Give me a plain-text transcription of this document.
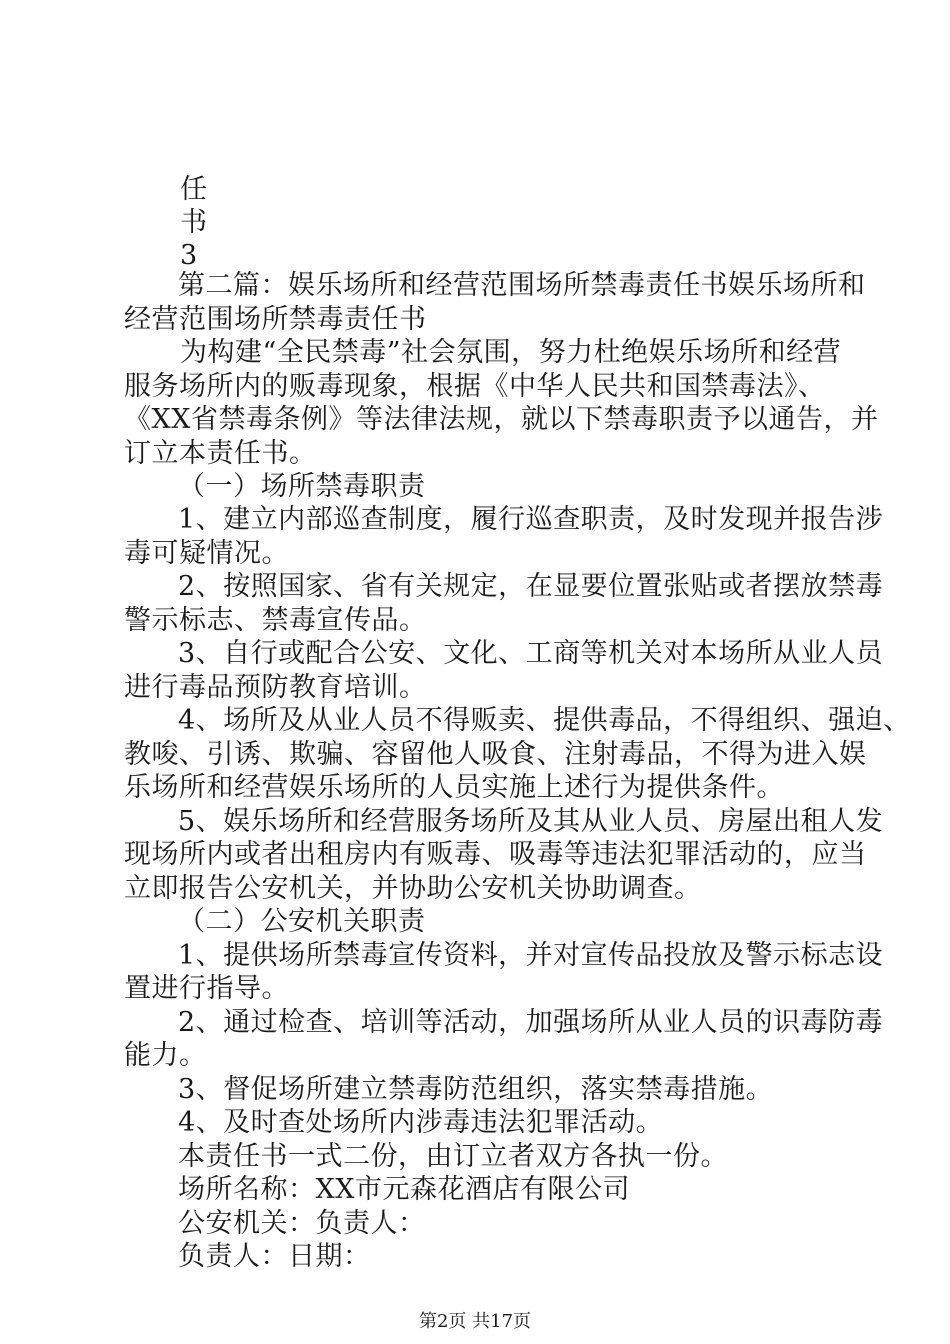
任
书
3
第二篇：娱乐场所和经营范围场所禁毒责任书娱乐场所和
经营范围场所禁毒责任书
为构建“全民禁毒”社会氛围，努力杜绝娱乐场所和经营
服务场所内的贩毒现象，根据《中华人民共和国禁毒法》、
《XX省禁毒条例》等法律法规，就以下禁毒职责予以通告，并
订立本责任书。
（一）场所禁毒职责
1、建立内部巡查制度，履行巡查职责，及时发现并报告涉
毒可疑情况。
2、按照国家、省有关规定，在显要位置张贴或者摆放禁毒
警示标志、禁毒宣传品。
3、自行或配合公安、文化、工商等机关对本场所从业人员
进行毒品预防教育培训。
4、场所及从业人员不得贩卖、提供毒品，不得组织、强迫、
教唆、引诱、欺骗、容留他人吸食、注射毒品，不得为进入娱
乐场所和经营娱乐场所的人员实施上述行为提供条件。
5、娱乐场所和经营服务场所及其从业人员、房屋出租人发
现场所内或者出租房内有贩毒、吸毒等违法犯罪活动的，应当
立即报告公安机关，并协助公安机关协助调查。
（二）公安机关职责
1、提供场所禁毒宣传资料，并对宣传品投放及警示标志设
置进行指导。
2、通过检查、培训等活动，加强场所从业人员的识毒防毒
能力。
3、督促场所建立禁毒防范组织，落实禁毒措施。
4、及时查处场所内涉毒违法犯罪活动。
本责任书一式二份，由订立者双方各执一份。
场所名称：XX市元森花酒店有限公司
公安机关：负责人：
负责人：日期：
第2页 共17页
